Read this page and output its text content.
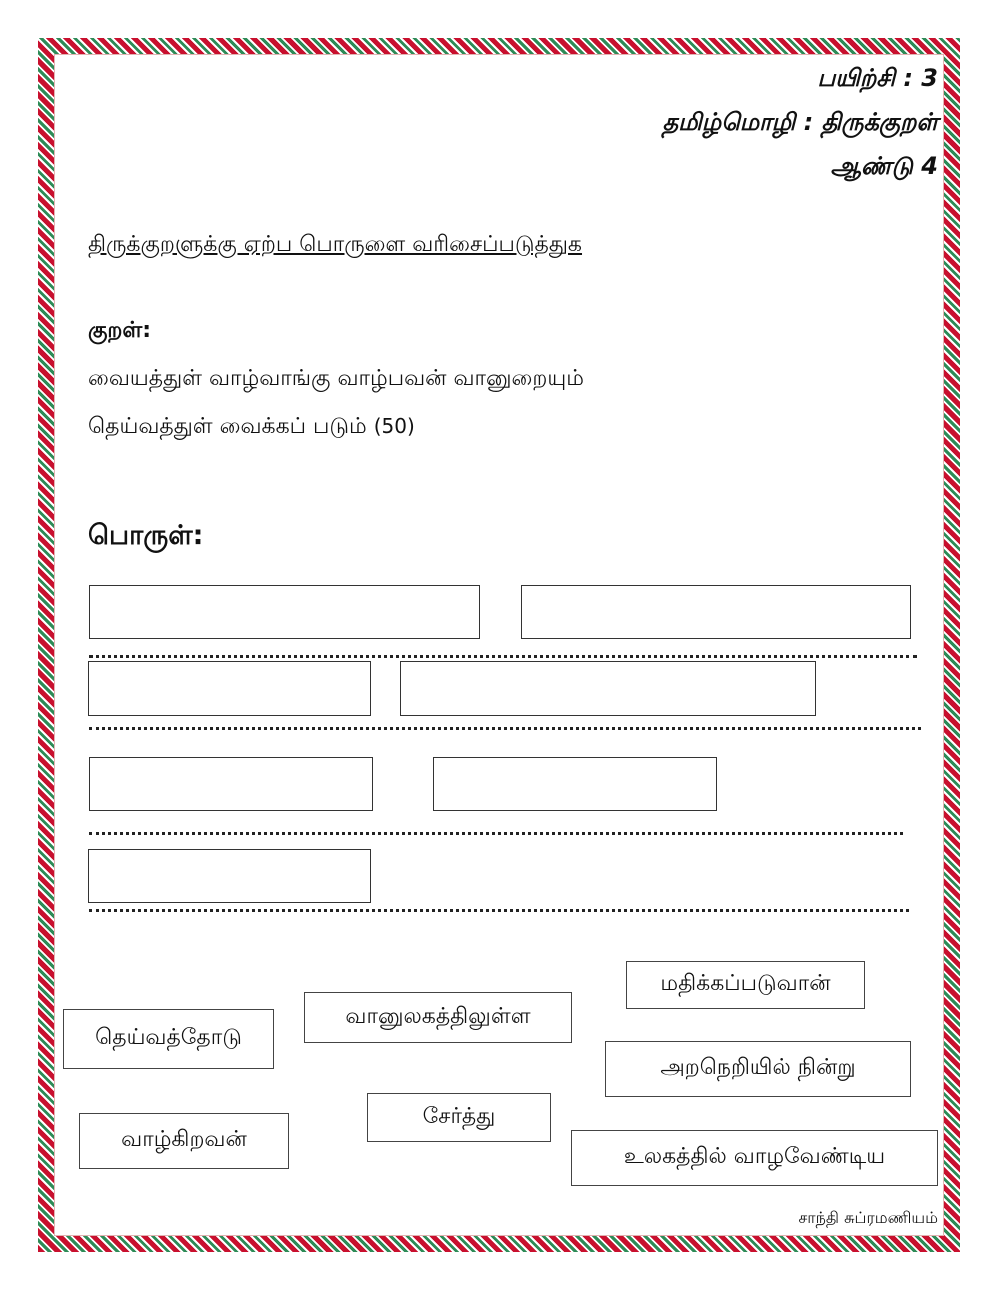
பயிற்சி : 3
தமிழ்மொழி : திருக்குறள்
ஆண்டு 4
திருக்குறளுக்கு ஏற்ப பொருளை வரிசைப்படுத்துக
குறள்:
வையத்துள் வாழ்வாங்கு வாழ்பவன் வானுறையும்
தெய்வத்துள் வைக்கப் படும் (50)
பொருள்:
மதிக்கப்படுவான்
தெய்வத்தோடு
வானுலகத்திலுள்ள
அறநெறியில் நின்று
வாழ்கிறவன்
சேர்த்து
உலகத்தில் வாழவேண்டிய
சாந்தி சுப்ரமணியம்
